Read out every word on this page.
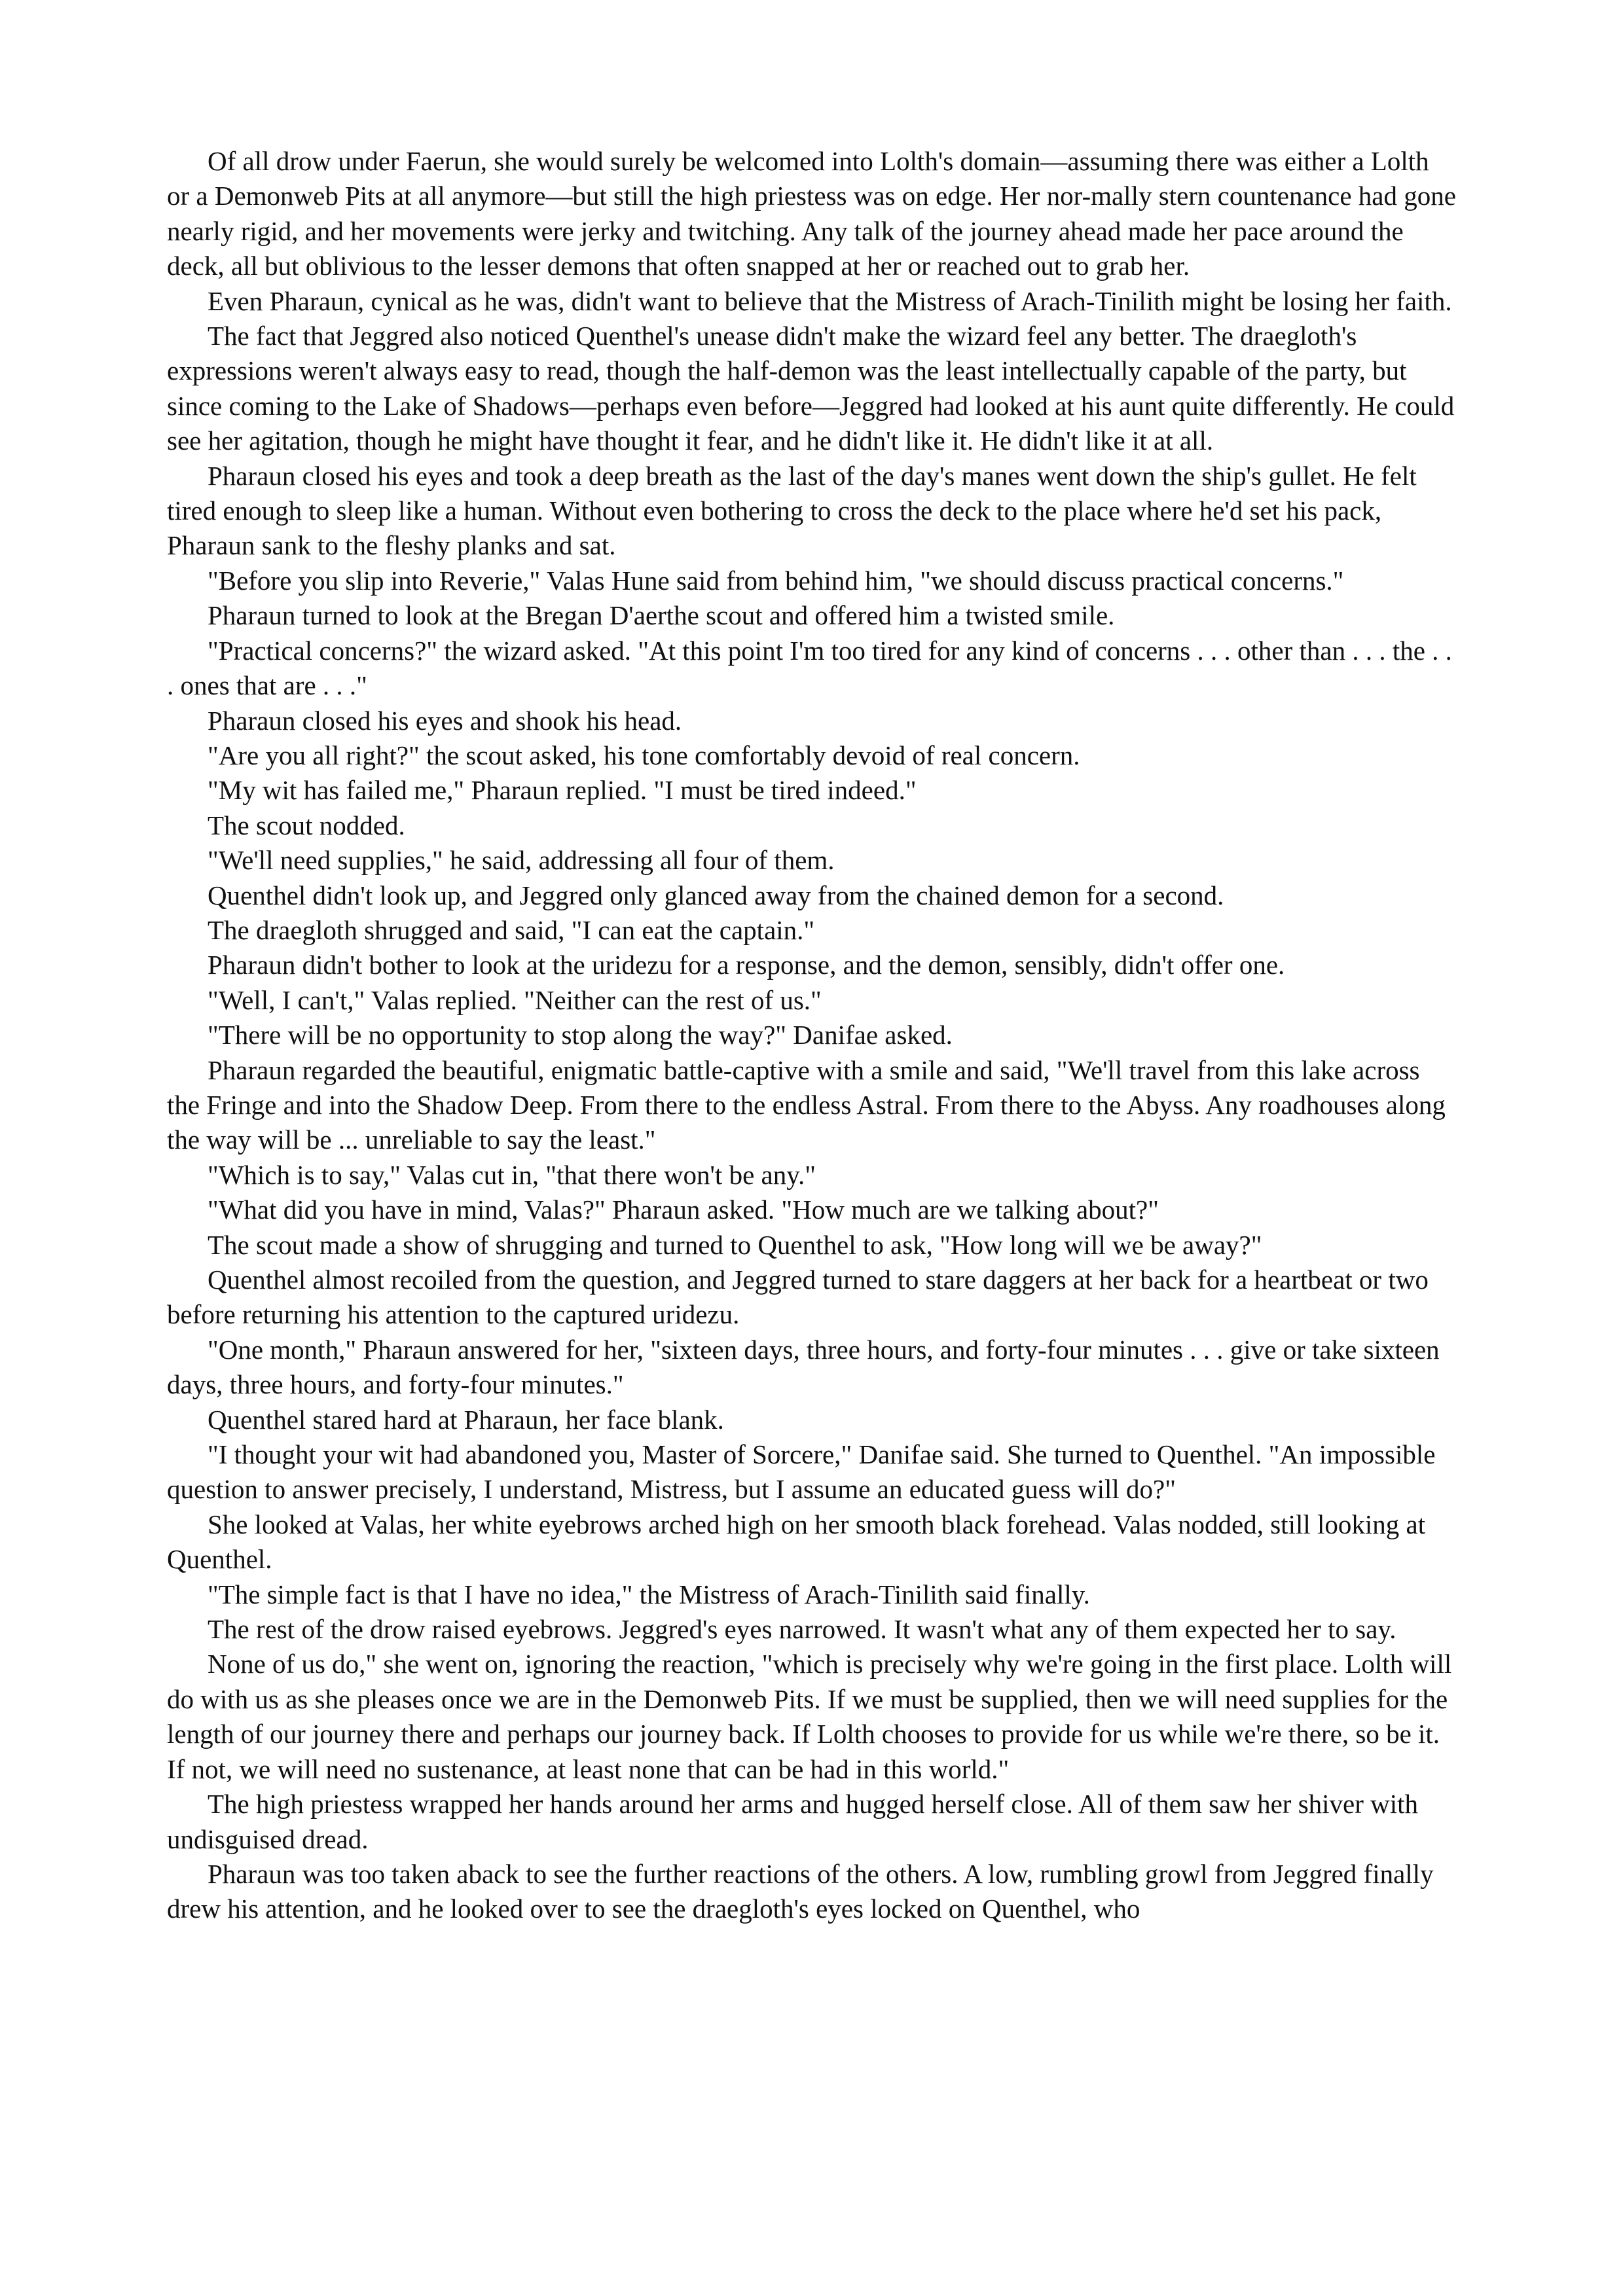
Of all drow under Faerun, she would surely be welcomed into Lolth's domain—assuming there was either a Lolth or a Demonweb Pits at all anymore—but still the high priestess was on edge. Her nor-mally stern countenance had gone nearly rigid, and her movements were jerky and twitching. Any talk of the journey ahead made her pace around the deck, all but oblivious to the lesser demons that often snapped at her or reached out to grab her.

Even Pharaun, cynical as he was, didn't want to believe that the Mistress of Arach-Tinilith might be losing her faith.

The fact that Jeggred also noticed Quenthel's unease didn't make the wizard feel any better. The draegloth's expressions weren't always easy to read, though the half-demon was the least intellectually capable of the party, but since coming to the Lake of Shadows—perhaps even before—Jeggred had looked at his aunt quite differently. He could see her agitation, though he might have thought it fear, and he didn't like it. He didn't like it at all.

Pharaun closed his eyes and took a deep breath as the last of the day's manes went down the ship's gullet. He felt tired enough to sleep like a human. Without even bothering to cross the deck to the place where he'd set his pack, Pharaun sank to the fleshy planks and sat.

"Before you slip into Reverie," Valas Hune said from behind him, "we should discuss practical concerns."

Pharaun turned to look at the Bregan D'aerthe scout and offered him a twisted smile.

"Practical concerns?" the wizard asked. "At this point I'm too tired for any kind of concerns . . . other than . . . the . . . ones that are . . ."

Pharaun closed his eyes and shook his head.

"Are you all right?" the scout asked, his tone comfortably devoid of real concern.

"My wit has failed me," Pharaun replied. "I must be tired indeed."

The scout nodded.

"We'll need supplies," he said, addressing all four of them.

Quenthel didn't look up, and Jeggred only glanced away from the chained demon for a second.

The draegloth shrugged and said, "I can eat the captain."

Pharaun didn't bother to look at the uridezu for a response, and the demon, sensibly, didn't offer one.

"Well, I can't," Valas replied. "Neither can the rest of us."

"There will be no opportunity to stop along the way?" Danifae asked.

Pharaun regarded the beautiful, enigmatic battle-captive with a smile and said, "We'll travel from this lake across the Fringe and into the Shadow Deep. From there to the endless Astral. From there to the Abyss. Any roadhouses along the way will be ... unreliable to say the least."

"Which is to say," Valas cut in, "that there won't be any."

"What did you have in mind, Valas?" Pharaun asked. "How much are we talking about?"

The scout made a show of shrugging and turned to Quenthel to ask, "How long will we be away?"

Quenthel almost recoiled from the question, and Jeggred turned to stare daggers at her back for a heartbeat or two before returning his attention to the captured uridezu.

"One month," Pharaun answered for her, "sixteen days, three hours, and forty-four minutes . . . give or take sixteen days, three hours, and forty-four minutes."

Quenthel stared hard at Pharaun, her face blank.

"I thought your wit had abandoned you, Master of Sorcere," Danifae said. She turned to Quenthel. "An impossible question to answer precisely, I understand, Mistress, but I assume an educated guess will do?"

She looked at Valas, her white eyebrows arched high on her smooth black forehead. Valas nodded, still looking at Quenthel.

"The simple fact is that I have no idea," the Mistress of Arach-Tinilith said finally.

The rest of the drow raised eyebrows. Jeggred's eyes narrowed. It wasn't what any of them expected her to say.

None of us do," she went on, ignoring the reaction, "which is precisely why we're going in the first place. Lolth will do with us as she pleases once we are in the Demonweb Pits. If we must be supplied, then we will need supplies for the length of our journey there and perhaps our journey back. If Lolth chooses to provide for us while we're there, so be it. If not, we will need no sustenance, at least none that can be had in this world."

The high priestess wrapped her hands around her arms and hugged herself close. All of them saw her shiver with undisguised dread.

Pharaun was too taken aback to see the further reactions of the others. A low, rumbling growl from Jeggred finally drew his attention, and he looked over to see the draegloth's eyes locked on Quenthel, who
